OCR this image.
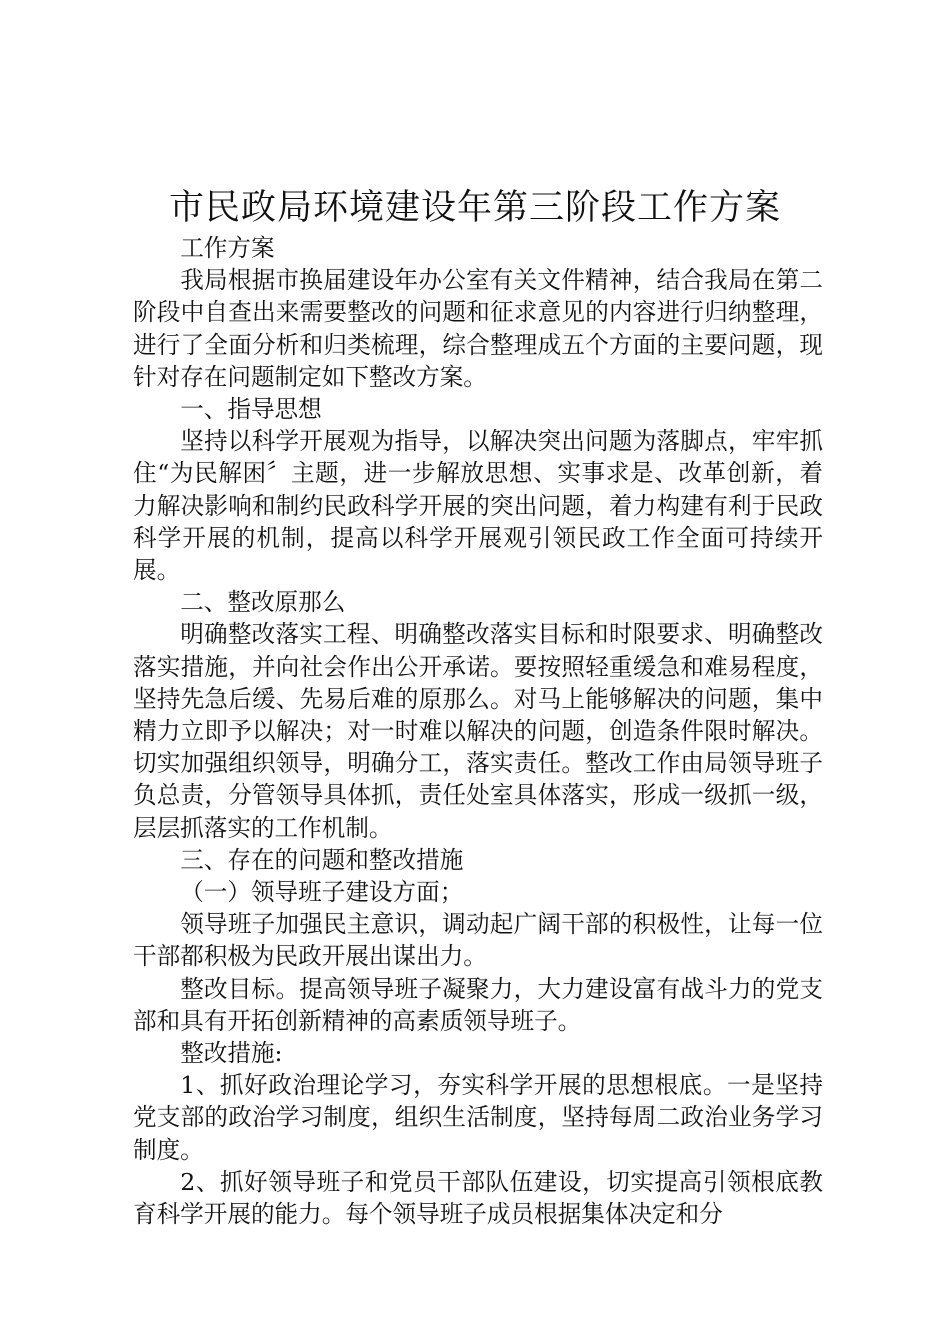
市民政局环境建设年第三阶段工作方案

工作方案

我局根据市换届建设年办公室有关文件精神，结合我局在第二阶段中自查出来需要整改的问题和征求意见的内容进行归纳整理，进行了全面分析和归类梳理，综合整理成五个方面的主要问题，现针对存在问题制定如下整改方案。

一、指导思想

坚持以科学开展观为指导，以解决突出问题为落脚点，牢牢抓住“为民解困〞主题，进一步解放思想、实事求是、改革创新，着力解决影响和制约民政科学开展的突出问题，着力构建有利于民政科学开展的机制，提高以科学开展观引领民政工作全面可持续开展。

二、整改原那么

明确整改落实工程、明确整改落实目标和时限要求、明确整改落实措施，并向社会作出公开承诺。要按照轻重缓急和难易程度，坚持先急后缓、先易后难的原那么。对马上能够解决的问题，集中精力立即予以解决；对一时难以解决的问题，创造条件限时解决。切实加强组织领导，明确分工，落实责任。整改工作由局领导班子负总责，分管领导具体抓，责任处室具体落实，形成一级抓一级，层层抓落实的工作机制。

三、存在的问题和整改措施

（一）领导班子建设方面；

领导班子加强民主意识，调动起广阔干部的积极性，让每一位干部都积极为民政开展出谋出力。

整改目标。提高领导班子凝聚力，大力建设富有战斗力的党支部和具有开拓创新精神的高素质领导班子。

整改措施:

1、抓好政治理论学习，夯实科学开展的思想根底。一是坚持党支部的政治学习制度，组织生活制度，坚持每周二政治业务学习制度。

2、抓好领导班子和党员干部队伍建设，切实提高引领根底教育科学开展的能力。每个领导班子成员根据集体决定和分
